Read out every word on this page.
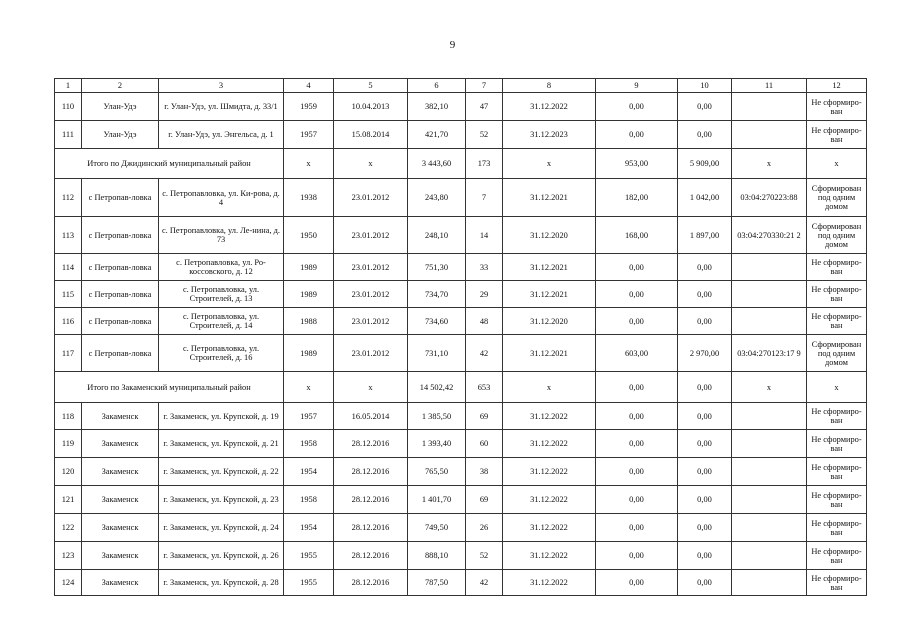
9
1	2	3	4	5	6	7	8	9	10	11	12
110	Улан-Удэ	г. Улан-Удэ, ул. Шмидта, д. 33/1	1959	10.04.2013	382,10	47	31.12.2022	0,00	0,00		Не сформиро-ван
111	Улан-Удэ	г. Улан-Удэ, ул. Энгельса, д. 1	1957	15.08.2014	421,70	52	31.12.2023	0,00	0,00		Не сформиро-ван
Итого по Джидинский муниципальный район			х	х	3 443,60	173	х	953,00	5 909,00	х	х
112	с Петропав-ловка	с. Петропавловка, ул. Ки-рова, д. 4	1938	23.01.2012	243,80	7	31.12.2021	182,00	1 042,00	03:04:270223:88	Сформирован под одним домом
113	с Петропав-ловка	с. Петропавловка, ул. Ле-нина, д. 73	1950	23.01.2012	248,10	14	31.12.2020	168,00	1 897,00	03:04:270330:21 2	Сформирован под одним домом
114	с Петропав-ловка	с. Петропавловка, ул. Ро-коссовского, д. 12	1989	23.01.2012	751,30	33	31.12.2021	0,00	0,00		Не сформиро-ван
115	с Петропав-ловка	с. Петропавловка, ул. Строителей, д. 13	1989	23.01.2012	734,70	29	31.12.2021	0,00	0,00		Не сформиро-ван
116	с Петропав-ловка	с. Петропавловка, ул. Строителей, д. 14	1988	23.01.2012	734,60	48	31.12.2020	0,00	0,00		Не сформиро-ван
117	с Петропав-ловка	с. Петропавловка, ул. Строителей, д. 16	1989	23.01.2012	731,10	42	31.12.2021	603,00	2 970,00	03:04:270123:17 9	Сформирован под одним домом
Итого по Закаменский муниципальный район			х	х	14 502,42	653	х	0,00	0,00	х	х
118	Закаменск	г. Закаменск, ул. Крупской, д. 19	1957	16.05.2014	1 385,50	69	31.12.2022	0,00	0,00		Не сформиро-ван
119	Закаменск	г. Закаменск, ул. Крупской, д. 21	1958	28.12.2016	1 393,40	60	31.12.2022	0,00	0,00		Не сформиро-ван
120	Закаменск	г. Закаменск, ул. Крупской, д. 22	1954	28.12.2016	765,50	38	31.12.2022	0,00	0,00		Не сформиро-ван
121	Закаменск	г. Закаменск, ул. Крупской, д. 23	1958	28.12.2016	1 401,70	69	31.12.2022	0,00	0,00		Не сформиро-ван
122	Закаменск	г. Закаменск, ул. Крупской, д. 24	1954	28.12.2016	749,50	26	31.12.2022	0,00	0,00		Не сформиро-ван
123	Закаменск	г. Закаменск, ул. Крупской, д. 26	1955	28.12.2016	888,10	52	31.12.2022	0,00	0,00		Не сформиро-ван
124	Закаменск	г. Закаменск, ул. Крупской, д. 28	1955	28.12.2016	787,50	42	31.12.2022	0,00	0,00		Не сформиро-ван
